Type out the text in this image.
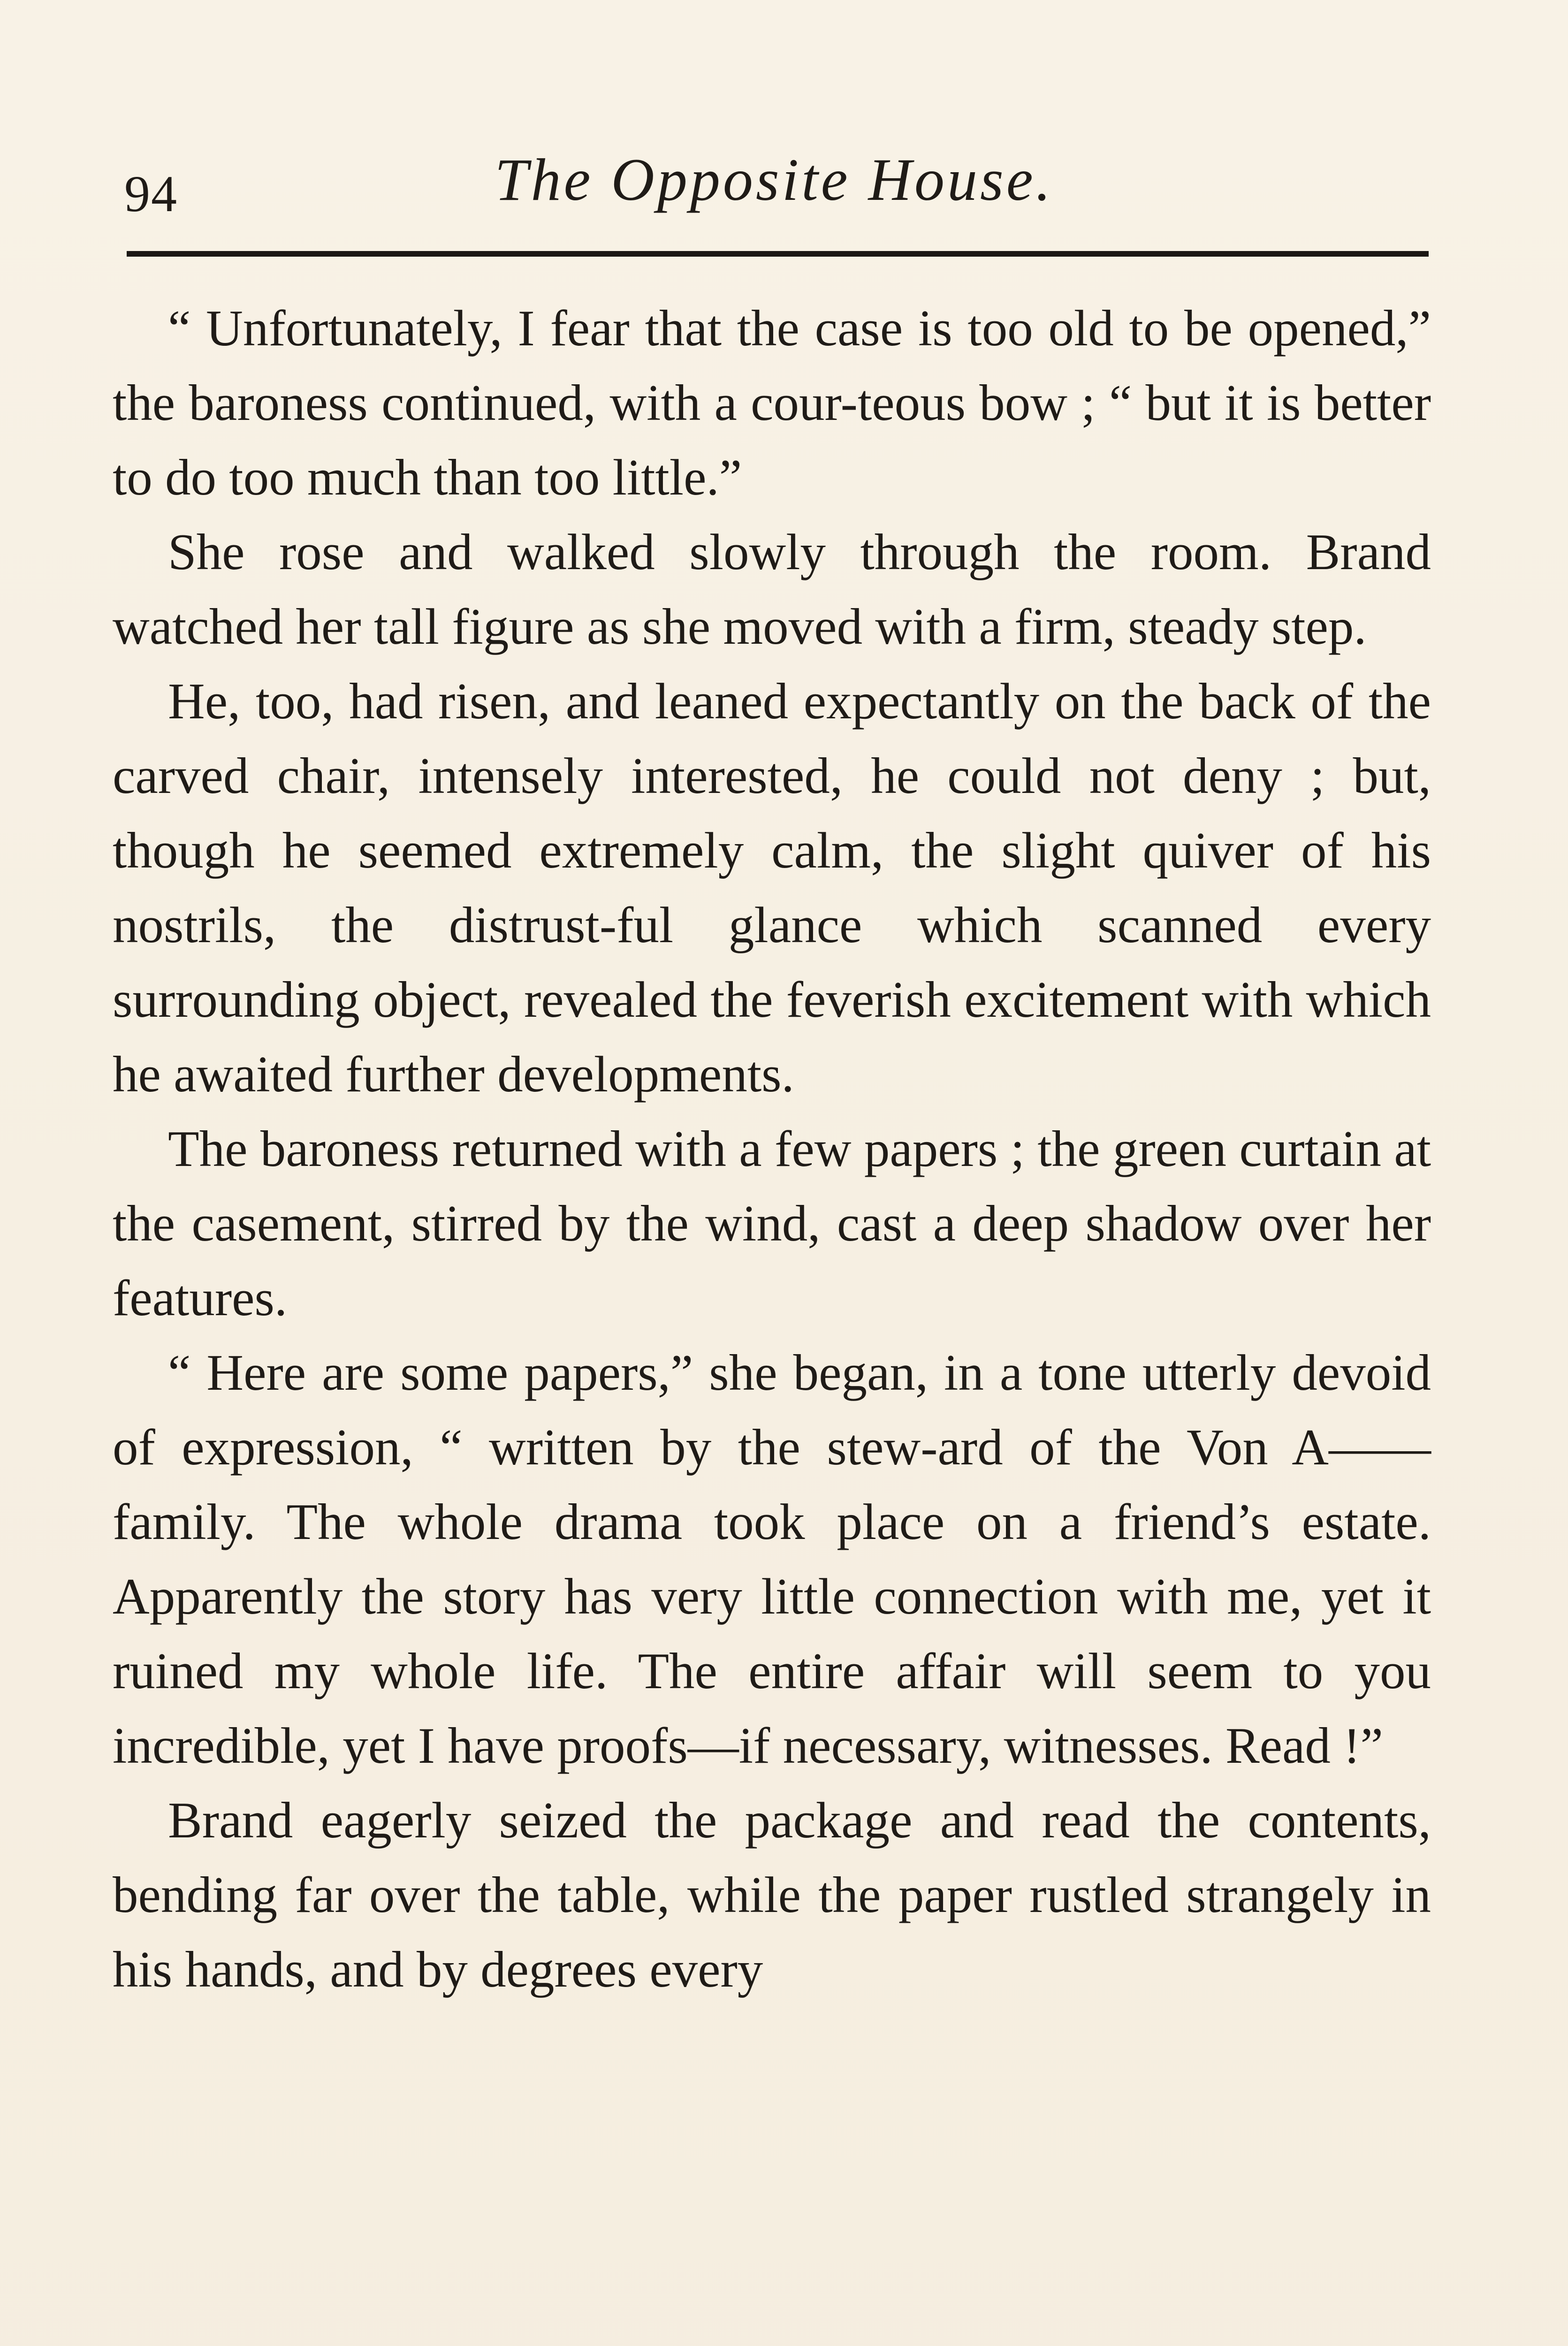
94	The Opposite House.

“ Unfortunately, I fear that the case is too old to be opened,” the baroness continued, with a cour-teous bow ; “ but it is better to do too much than too little.”

She rose and walked slowly through the room. Brand watched her tall figure as she moved with a firm, steady step.

He, too, had risen, and leaned expectantly on the back of the carved chair, intensely interested, he could not deny ; but, though he seemed extremely calm, the slight quiver of his nostrils, the distrust-ful glance which scanned every surrounding object, revealed the feverish excitement with which he awaited further developments.

The baroness returned with a few papers ; the green curtain at the casement, stirred by the wind, cast a deep shadow over her features.

“ Here are some papers,” she began, in a tone utterly devoid of expression, “ written by the stew-ard of the Von A—— family. The whole drama took place on a friend’s estate. Apparently the story has very little connection with me, yet it ruined my whole life. The entire affair will seem to you incredible, yet I have proofs—if necessary, witnesses. Read !”

Brand eagerly seized the package and read the contents, bending far over the table, while the paper rustled strangely in his hands, and by degrees every
